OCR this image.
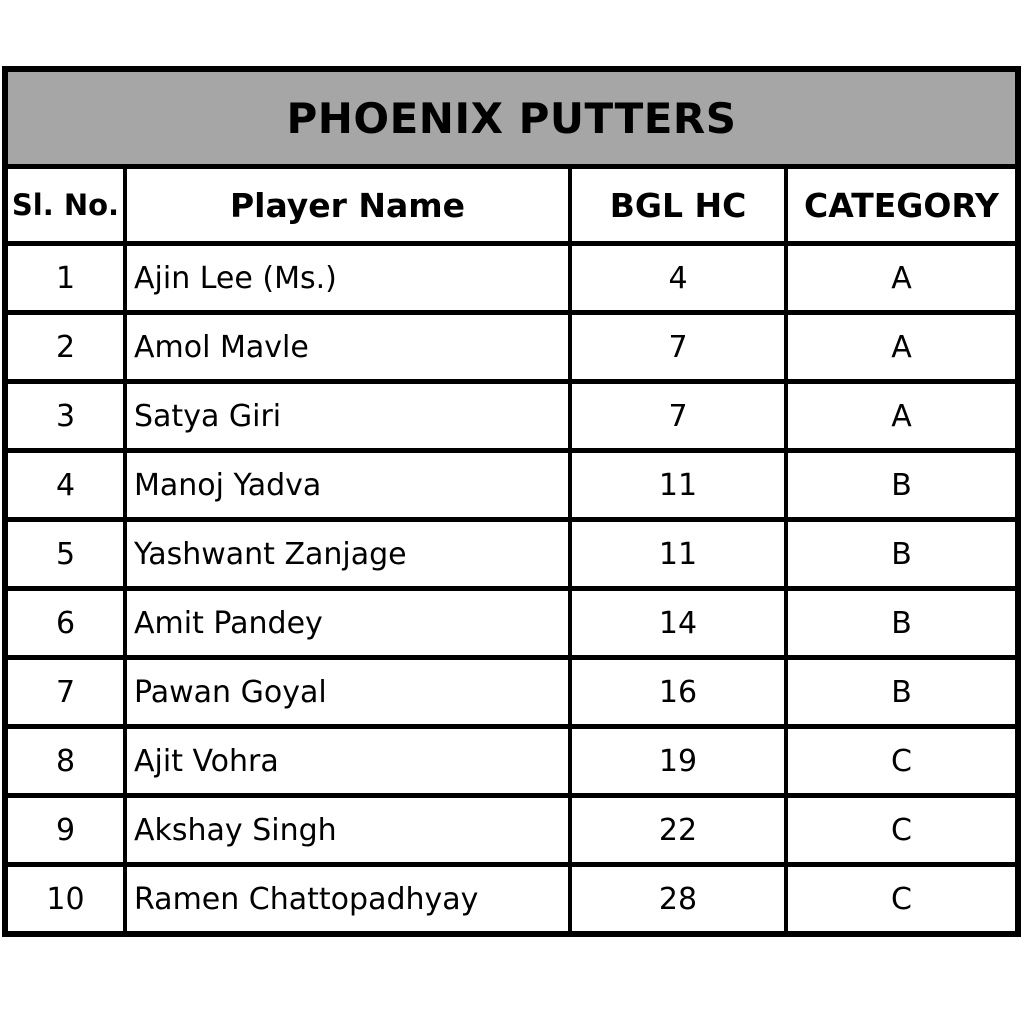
PHOENIX PUTTERS
Sl. No.	Player Name	BGL HC	CATEGORY
1	Ajin Lee (Ms.)	4	A
2	Amol Mavle	7	A
3	Satya Giri	7	A
4	Manoj Yadva	11	B
5	Yashwant Zanjage	11	B
6	Amit Pandey	14	B
7	Pawan Goyal	16	B
8	Ajit Vohra	19	C
9	Akshay Singh	22	C
10	Ramen Chattopadhyay	28	C
